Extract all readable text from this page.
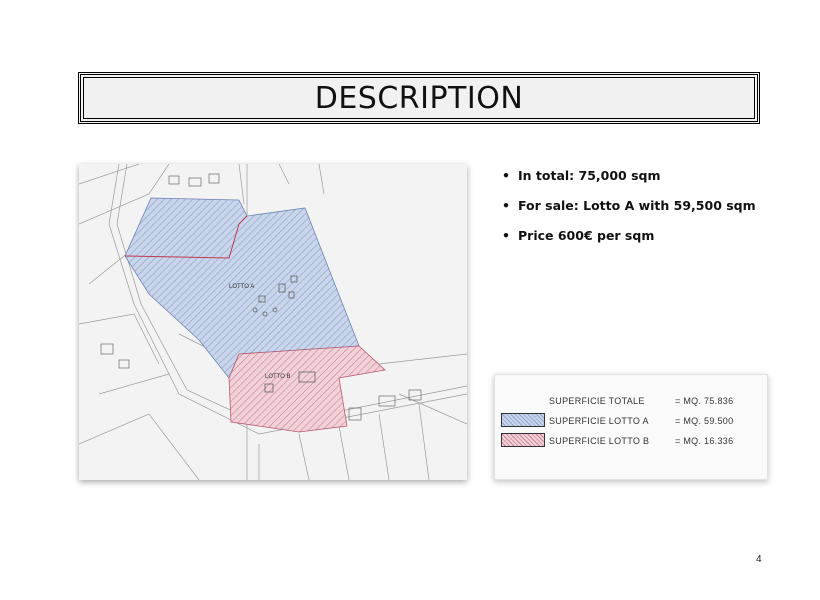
DESCRIPTION
LOTTO A
LOTTO B
• In total: 75,000 sqm
• For sale: Lotto A with 59,500 sqm
• Price 600€ per sqm
SUPERFICIE TOTALE	= MQ. 75.836
SUPERFICIE LOTTO A	= MQ. 59.500
SUPERFICIE LOTTO B	= MQ. 16.336
4
